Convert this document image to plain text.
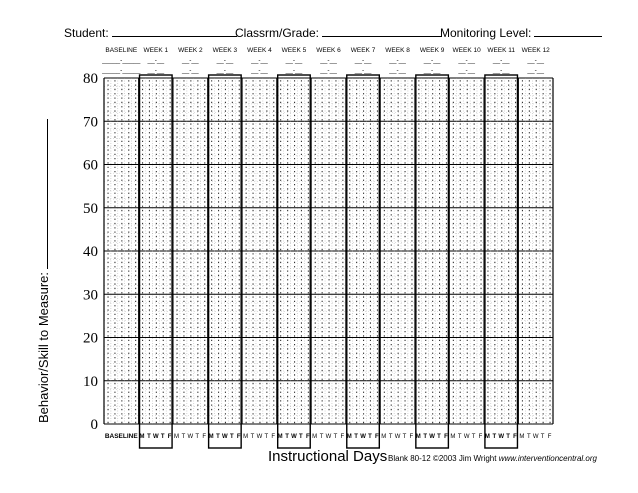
Student:	Classrm/Grade:	Monitoring Level:
Behavior/Skill to Measure:
0
10
20
30
40
50
60
70
80
BASELINE
_____-_____
_____-_____
WEEK 1
__-__
__-__
WEEK 2
__-__
__-__
WEEK 3
__-__
__-__
WEEK 4
__-__
__-__
WEEK 5
__-__
__-__
WEEK 6
__-__
__-__
WEEK 7
__-__
__-__
WEEK 8
__-__
__-__
WEEK 9
__-__
__-__
WEEK 10
__-__
__-__
WEEK 11
__-__
__-__
WEEK 12
__-__
__-__
BASELINE M T W T F M T W T F M T W T F M T W T F M T W T F M T W T F M T W T F M T W T F M T W T F M T W T F M T W T F M T W T F
Instructional Days Blank 80-12 ©2003 Jim Wright www.interventioncentral.org
